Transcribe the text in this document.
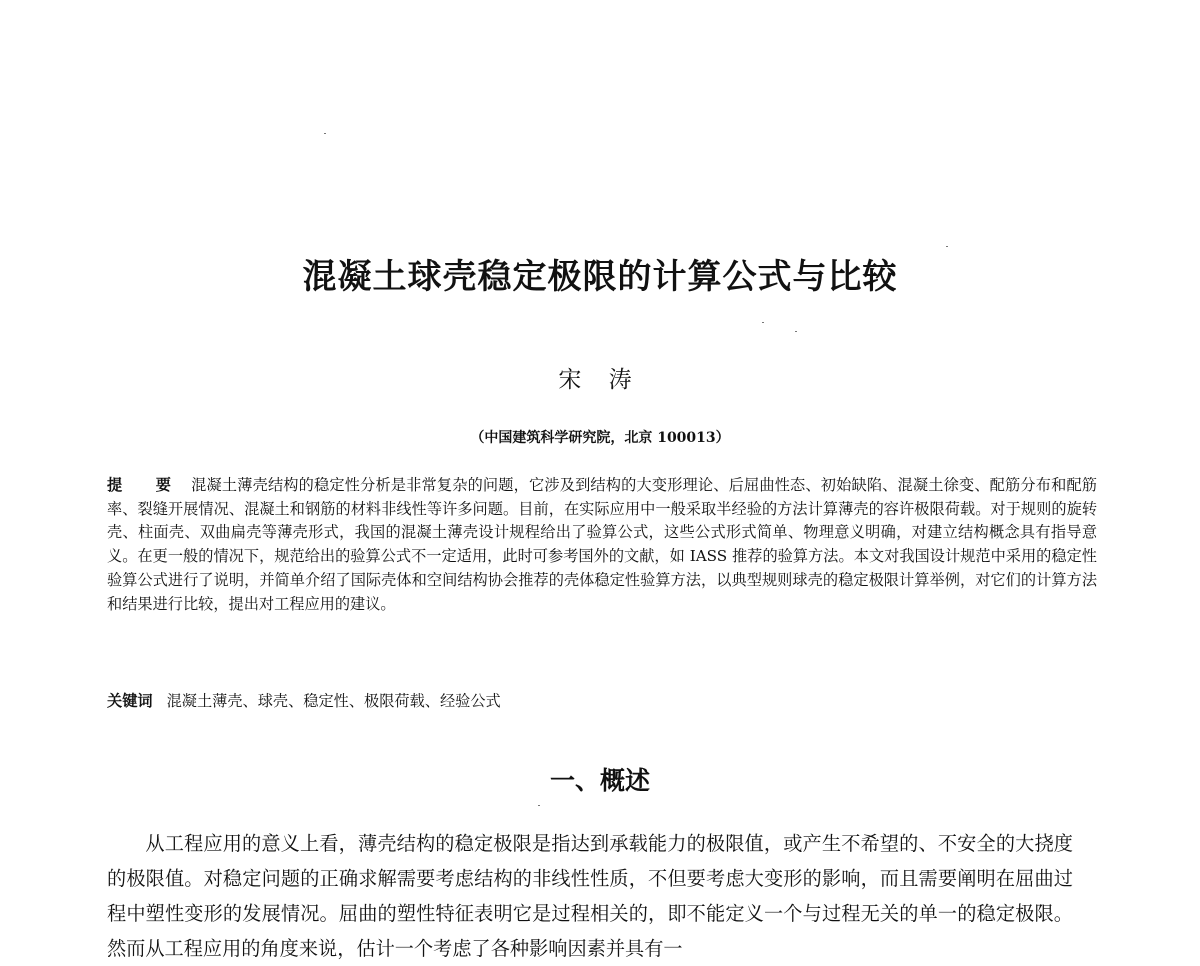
混凝土球壳稳定极限的计算公式与比较
宋 涛
（中国建筑科学研究院，北京 100013）
提 要 混凝土薄壳结构的稳定性分析是非常复杂的问题，它涉及到结构的大变形理论、后屈曲性态、初始缺陷、混凝土徐变、配筋分布和配筋率、裂缝开展情况、混凝土和钢筋的材料非线性等许多问题。目前，在实际应用中一般采取半经验的方法计算薄壳的容许极限荷载。对于规则的旋转壳、柱面壳、双曲扁壳等薄壳形式，我国的混凝土薄壳设计规程给出了验算公式，这些公式形式简单、物理意义明确，对建立结构概念具有指导意义。在更一般的情况下，规范给出的验算公式不一定适用，此时可参考国外的文献，如 IASS 推荐的验算方法。本文对我国设计规范中采用的稳定性验算公式进行了说明，并简单介绍了国际壳体和空间结构协会推荐的壳体稳定性验算方法，以典型规则球壳的稳定极限计算举例，对它们的计算方法和结果进行比较，提出对工程应用的建议。
关键词 混凝土薄壳、球壳、稳定性、极限荷载、经验公式
一、概述
从工程应用的意义上看，薄壳结构的稳定极限是指达到承载能力的极限值，或产生不希望的、不安全的大挠度的极限值。对稳定问题的正确求解需要考虑结构的非线性性质，不但要考虑大变形的影响，而且需要阐明在屈曲过程中塑性变形的发展情况。屈曲的塑性特征表明它是过程相关的，即不能定义一个与过程无关的单一的稳定极限。然而从工程应用的角度来说，估计一个考虑了各种影响因素并具有一
